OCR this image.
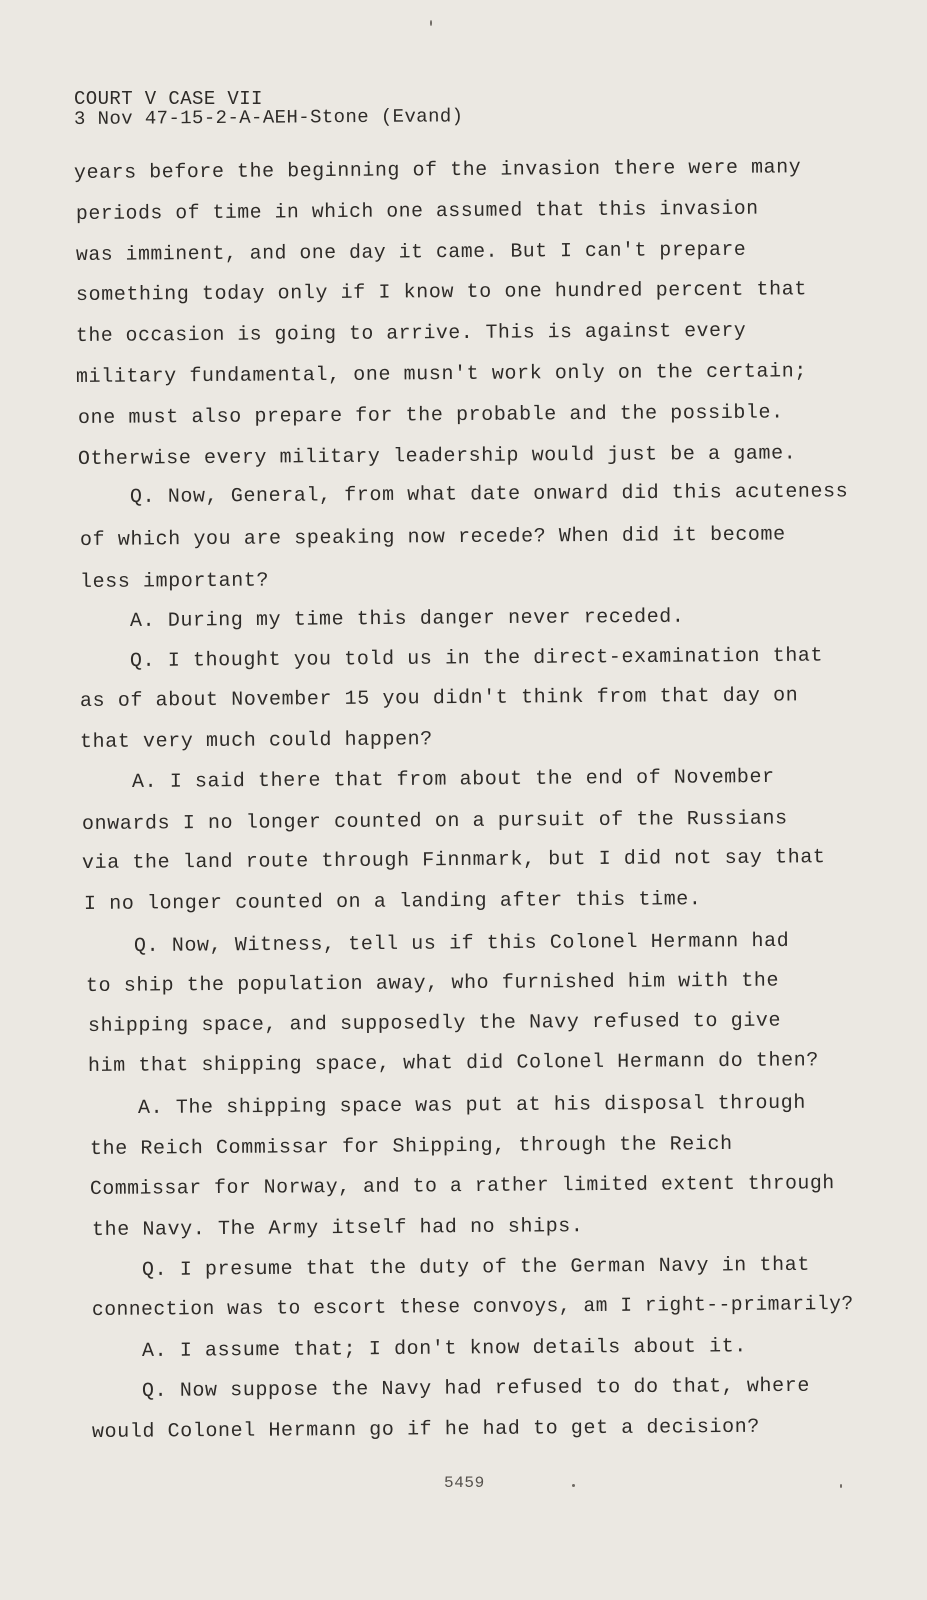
COURT V CASE VII
3 Nov 47-15-2-A-AEH-Stone (Evand)
years before the beginning of the invasion there were many
periods of time in which one assumed that this invasion
was imminent, and one day it came. But I can't prepare
something today only if I know to one hundred percent that
the occasion is going to arrive. This is against every
military fundamental, one musn't work only on the certain;
one must also prepare for the probable and the possible.
Otherwise every military leadership would just be a game.
Q. Now, General, from what date onward did this acuteness
of which you are speaking now recede? When did it become
less important?
A. During my time this danger never receded.
Q. I thought you told us in the direct-examination that
as of about November 15 you didn't think from that day on
that very much could happen?
A. I said there that from about the end of November
onwards I no longer counted on a pursuit of the Russians
via the land route through Finnmark, but I did not say that
I no longer counted on a landing after this time.
Q. Now, Witness, tell us if this Colonel Hermann had
to ship the population away, who furnished him with the
shipping space, and supposedly the Navy refused to give
him that shipping space, what did Colonel Hermann do then?
A. The shipping space was put at his disposal through
the Reich Commissar for Shipping, through the Reich
Commissar for Norway, and to a rather limited extent through
the Navy. The Army itself had no ships.
Q. I presume that the duty of the German Navy in that
connection was to escort these convoys, am I right--primarily?
A. I assume that; I don't know details about it.
Q. Now suppose the Navy had refused to do that, where
would Colonel Hermann go if he had to get a decision?
5459
